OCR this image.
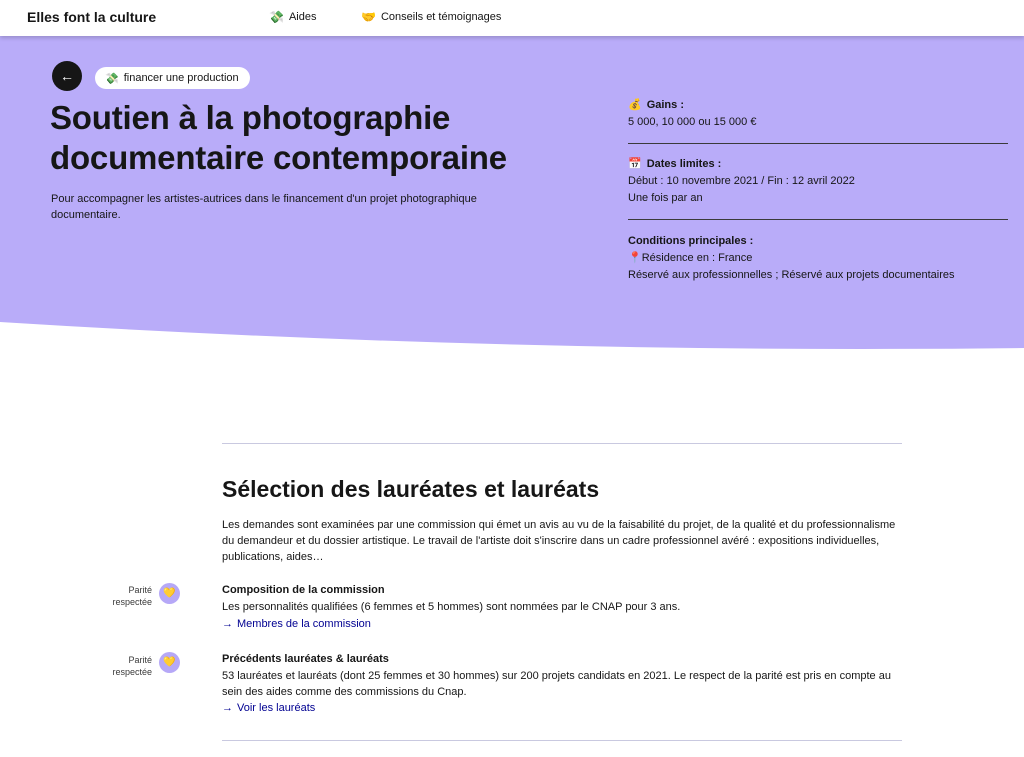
Elles font la culture	💸 Aides	🤝 Conseils et témoignages
←	💸 financer une production
Soutien à la photographie
documentaire contemporaine

Pour accompagner les artistes-autrices dans le financement d'un projet photographique documentaire.

💰 Gains :
5 000, 10 000 ou 15 000 €
📅 Dates limites :
Début : 10 novembre 2021 / Fin : 12 avril 2022
Une fois par an
Conditions principales :
📍Résidence en : France
Réservé aux professionnelles ; Réservé aux projets documentaires
Sélection des lauréates et lauréats

Les demandes sont examinées par une commission qui émet un avis au vu de la faisabilité du projet, de la qualité et du professionnalisme du demandeur et du dossier artistique. Le travail de l'artiste doit s'inscrire dans un cadre professionnel avéré : expositions individuelles, publications, aides…

Parité
respectée
💛	Composition de la commission
Les personnalités qualifiées (6 femmes et 5 hommes) sont nommées par le CNAP pour 3 ans.
→ Membres de la commission
Parité
respectée
💛	Précédents lauréates & lauréats
53 lauréates et lauréats (dont 25 femmes et 30 hommes) sur 200 projets candidats en 2021. Le respect de la parité est pris en compte au sein des aides comme des commissions du Cnap.
→ Voir les lauréats
